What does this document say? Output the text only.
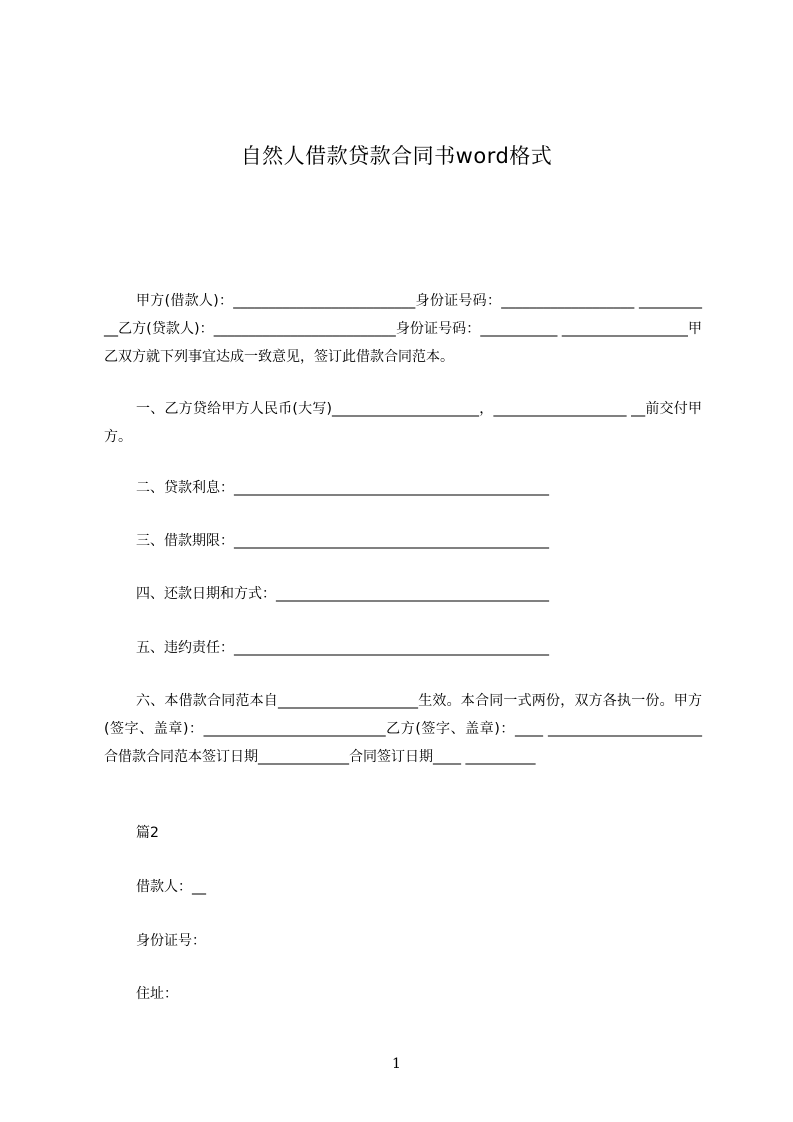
自然人借款贷款合同书word格式

甲方(借款人)：__________________________身份证号码：___________________ ___________乙方(贷款人)：__________________________身份证号码：___________ __________________甲乙双方就下列事宜达成一致意见，签订此借款合同范本。

一、乙方贷给甲方人民币(大写)_____________________，___________________ __前交付甲方。

二、贷款利息：_____________________________________________

三、借款期限：_____________________________________________

四、还款日期和方式：_______________________________________

五、违约责任：_____________________________________________

六、本借款合同范本自____________________生效。本合同一式两份，双方各执一份。甲方(签字、盖章)：__________________________乙方(签字、盖章)：____ ______________________合借款合同范本签订日期_____________合同签订日期____ __________

篇2

借款人：__

身份证号：

住址：

1
